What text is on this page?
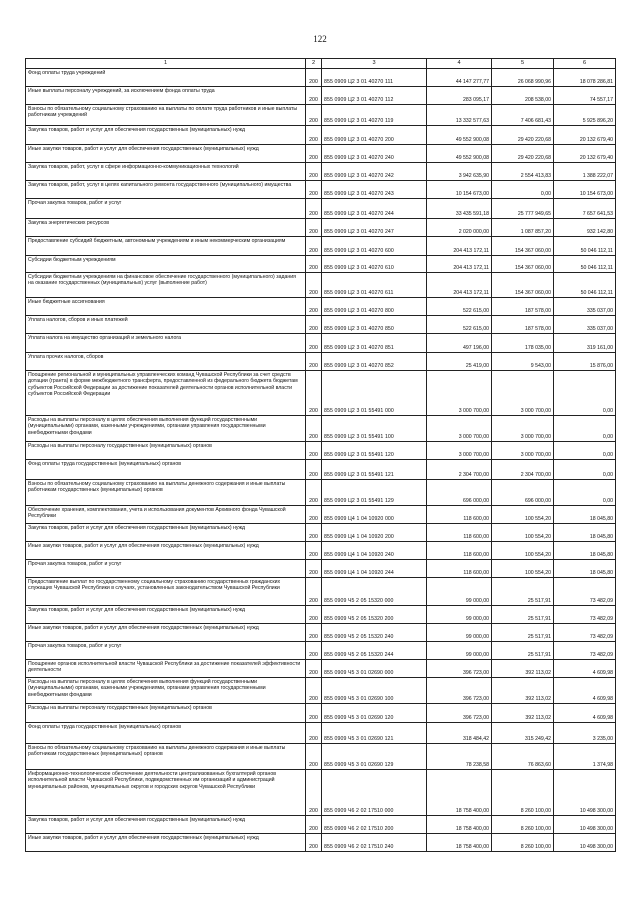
122
1	2	3	4	5	6
Фонд оплаты труда учреждений	200	855 0909 Ц2 3 01 40270 111	44 147 277,77	26 068 990,96	18 078 286,81
Иные выплаты персоналу учреждений, за исключением фонда оплаты труда	200	855 0909 Ц2 3 01 40270 112	283 095,17	208 538,00	74 557,17
Взносы по обязательному социальному страхованию на выплаты по оплате труда работников и иные выплаты работникам учреждений	200	855 0909 Ц2 3 01 40270 119	13 332 577,63	7 406 681,43	5 925 896,20
Закупка товаров, работ и услуг для обеспечения государственных (муниципальных) нужд	200	855 0909 Ц2 3 01 40270 200	49 552 900,08	29 420 220,68	20 132 679,40
Иные закупки товаров, работ и услуг для обеспечения государственных (муниципальных) нужд	200	855 0909 Ц2 3 01 40270 240	49 552 900,08	29 420 220,68	20 132 679,40
Закупка товаров, работ, услуг в сфере информационно-коммуникационных технологий	200	855 0909 Ц2 3 01 40270 242	3 942 635,90	2 554 413,83	1 388 222,07
Закупка товаров, работ, услуг в целях капитального ремонта государственного (муниципального) имущества	200	855 0909 Ц2 3 01 40270 243	10 154 673,00	0,00	10 154 673,00
Прочая закупка товаров, работ и услуг	200	855 0909 Ц2 3 01 40270 244	33 435 591,18	25 777 949,65	7 657 641,53
Закупка энергетических ресурсов	200	855 0909 Ц2 3 01 40270 247	2 020 000,00	1 087 857,20	932 142,80
Предоставление субсидий бюджетным, автономным учреждениям и иным некоммерческим организациям	200	855 0909 Ц2 3 01 40270 600	204 413 172,11	154 367 060,00	50 046 112,11
Субсидии бюджетным учреждениям	200	855 0909 Ц2 3 01 40270 610	204 413 172,11	154 367 060,00	50 046 112,11
Субсидии бюджетным учреждениям на финансовое обеспечение государственного (муниципального) задания на оказание государственных (муниципальных) услуг (выполнение работ)	200	855 0909 Ц2 3 01 40270 611	204 413 172,11	154 367 060,00	50 046 112,11
Иные бюджетные ассигнования	200	855 0909 Ц2 3 01 40270 800	522 615,00	187 578,00	335 037,00
Уплата налогов, сборов и иных платежей	200	855 0909 Ц2 3 01 40270 850	522 615,00	187 578,00	335 037,00
Уплата налога на имущество организаций и земельного налога	200	855 0909 Ц2 3 01 40270 851	497 196,00	178 035,00	319 161,00
Уплата прочих налогов, сборов	200	855 0909 Ц2 3 01 40270 852	25 419,00	9 543,00	15 876,00
Поощрение региональной и муниципальных управленческих команд Чувашской Республики за счет средств дотации (гранта) в форме межбюджетного трансферта, предоставленной из федерального бюджета бюджетам субъектов Российской Федерации за достижение показателей деятельности органов исполнительной власти субъектов Российской Федерации	200	855 0909 Ц2 3 01 55491 000	3 000 700,00	3 000 700,00	0,00
Расходы на выплаты персоналу в целях обеспечения выполнения функций государственными (муниципальными) органами, казенными учреждениями, органами управления государственными внебюджетными фондами	200	855 0909 Ц2 3 01 55491 100	3 000 700,00	3 000 700,00	0,00
Расходы на выплаты персоналу государственных (муниципальных) органов	200	855 0909 Ц2 3 01 55491 120	3 000 700,00	3 000 700,00	0,00
Фонд оплаты труда государственных (муниципальных) органов	200	855 0909 Ц2 3 01 55491 121	2 304 700,00	2 304 700,00	0,00
Взносы по обязательному социальному страхованию на выплаты денежного содержания и иные выплаты работникам государственных (муниципальных) органов	200	855 0909 Ц2 3 01 55491 129	696 000,00	696 000,00	0,00
Обеспечение хранения, комплектования, учета и использования документов Архивного фонда Чувашской Республики	200	855 0909 Ц4 1 04 10920 000	118 600,00	100 554,20	18 045,80
Закупка товаров, работ и услуг для обеспечения государственных (муниципальных) нужд	200	855 0909 Ц4 1 04 10920 200	118 600,00	100 554,20	18 045,80
Иные закупки товаров, работ и услуг для обеспечения государственных (муниципальных) нужд	200	855 0909 Ц4 1 04 10920 240	118 600,00	100 554,20	18 045,80
Прочая закупка товаров, работ и услуг	200	855 0909 Ц4 1 04 10920 244	118 600,00	100 554,20	18 045,80
Предоставление выплат по государственному социальному страхованию государственных гражданских служащих Чувашской Республики в случаях, установленных законодательством Чувашской Республики	200	855 0909 Ч5 2 05 15320 000	99 000,00	25 517,91	73 482,09
Закупка товаров, работ и услуг для обеспечения государственных (муниципальных) нужд	200	855 0909 Ч5 2 05 15320 200	99 000,00	25 517,91	73 482,09
Иные закупки товаров, работ и услуг для обеспечения государственных (муниципальных) нужд	200	855 0909 Ч5 2 05 15320 240	99 000,00	25 517,91	73 482,09
Прочая закупка товаров, работ и услуг	200	855 0909 Ч5 2 05 15320 244	99 000,00	25 517,91	73 482,09
Поощрение органов исполнительной власти Чувашской Республики за достижение показателей эффективности деятельности	200	855 0909 Ч5 3 01 02690 000	396 723,00	392 113,02	4 609,98
Расходы на выплаты персоналу в целях обеспечения выполнения функций государственными (муниципальными) органами, казенными учреждениями, органами управления государственными внебюджетными фондами	200	855 0909 Ч5 3 01 02690 100	396 723,00	392 113,02	4 609,98
Расходы на выплаты персоналу государственных (муниципальных) органов	200	855 0909 Ч5 3 01 02690 120	396 723,00	392 113,02	4 609,98
Фонд оплаты труда государственных (муниципальных) органов	200	855 0909 Ч5 3 01 02690 121	318 484,42	315 249,42	3 235,00
Взносы по обязательному социальному страхованию на выплаты денежного содержания и иные выплаты работникам государственных (муниципальных) органов	200	855 0909 Ч5 3 01 02690 129	78 238,58	76 863,60	1 374,98
Информационно-технологическое обеспечение деятельности централизованных бухгалтерий органов исполнительной власти Чувашской Республики, подведомственных им организаций и администраций муниципальных районов, муниципальных округов и городских округов Чувашской Республики	200	855 0909 Ч6 2 02 17510 000	18 758 400,00	8 260 100,00	10 498 300,00
Закупка товаров, работ и услуг для обеспечения государственных (муниципальных) нужд	200	855 0909 Ч6 2 02 17510 200	18 758 400,00	8 260 100,00	10 498 300,00
Иные закупки товаров, работ и услуг для обеспечения государственных (муниципальных) нужд	200	855 0909 Ч6 2 02 17510 240	18 758 400,00	8 260 100,00	10 498 300,00
